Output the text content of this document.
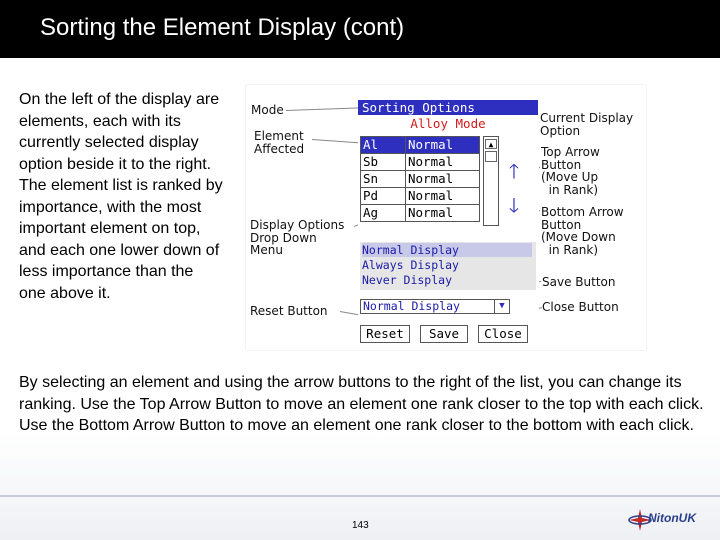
Sorting the Element Display (cont)
On the left of the display are elements, each with its currently selected display option beside it to the right. The element list is ranked by importance, with the most important element on top, and each one lower down of less importance than the one above it.
Mode
Element
Affected
Display Options
Drop Down
Menu
Reset Button
Current Display
Option
Top Arrow
Button
(Move Up
in Rank)
Bottom Arrow
Button
(Move Down
in Rank)
Save Button
Close Button
Sorting Options
Alloy Mode
Al	Normal
Sb	Normal
Sn	Normal
Pd	Normal
Ag	Normal
▲
🡑
🡓
Normal Display
Always Display
Never Display
Normal Display	▼
Reset	Save	Close
By selecting an element and using the arrow buttons to the right of the list, you can change its ranking. Use the Top Arrow Button to move an element one rank closer to the top with each click. Use the Bottom Arrow Button to move an element one rank closer to the bottom with each click.
143
NitonUK
